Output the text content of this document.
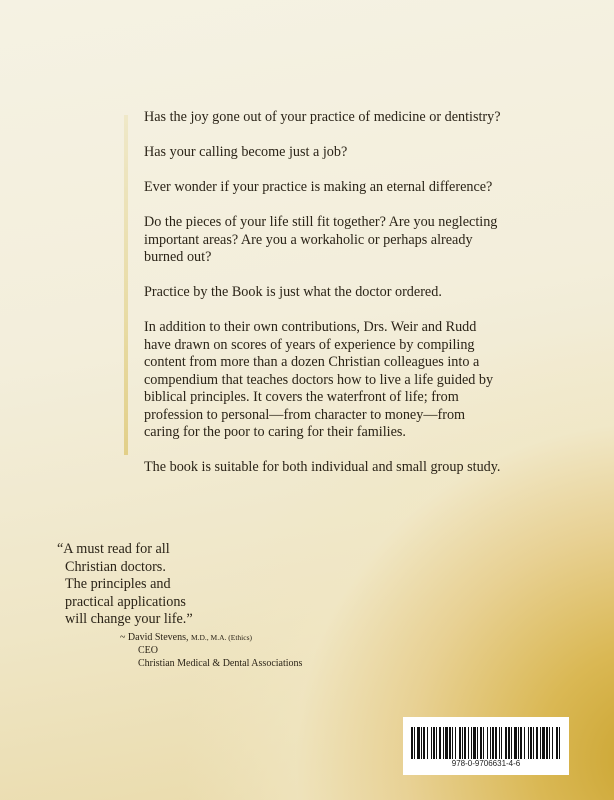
Has the joy gone out of your practice of medicine or dentistry?

Has your calling become just a job?

Ever wonder if your practice is making an eternal difference?

Do the pieces of your life still fit together? Are you neglecting important areas? Are you a workaholic or perhaps already burned out?

Practice by the Book is just what the doctor ordered.

In addition to their own contributions, Drs. Weir and Rudd have drawn on scores of years of experience by compiling content from more than a dozen Christian colleagues into a compendium that teaches doctors how to live a life guided by biblical principles. It covers the waterfront of life; from profession to personal—from character to money—from caring for the poor to caring for their families.

The book is suitable for both individual and small group study.

“A must read for all
Christian doctors.
The principles and
practical applications
will change your life.”
~ David Stevens, M.D., M.A. (Ethics)
CEO
Christian Medical & Dental Associations
978-0-9706631-4-6
